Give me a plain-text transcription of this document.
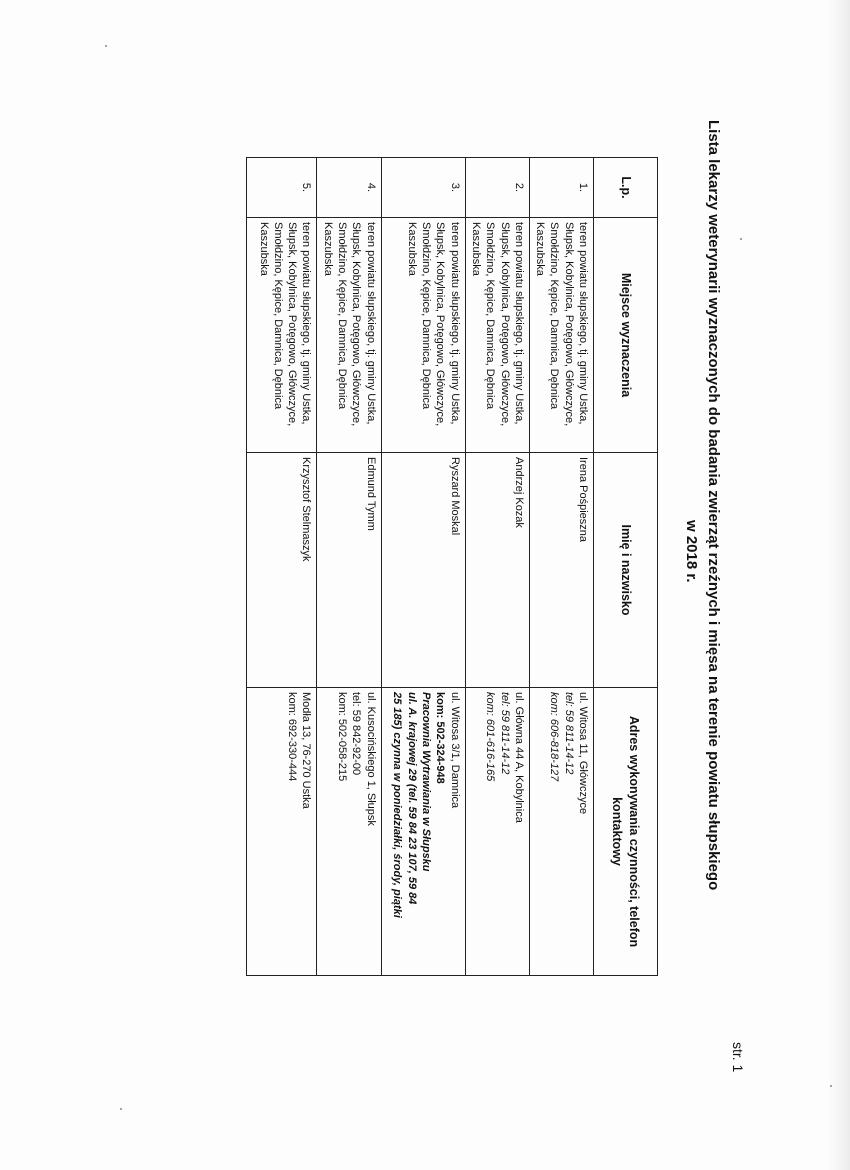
Lista lekarzy weterynarii wyznaczonych do badania zwierząt rzeźnych i mięsa na terenie powiatu słupskiego
w 2018 r.
L.p.	Miejsce wyznaczenia	Imię i nazwisko	Adres wykonywania czynności, telefon kontaktowy
1.	teren powiatu słupskiego, tj. gminy Ustka, Słupsk, Kobylnica, Potęgowo, Główczyce, Smołdzino, Kępice, Damnica, Dębnica Kaszubska	Irena Pośpieszna	ul. Witosa 11, Główczyce
tel: 59 811-14-12
kom: 606-818-127

2.	teren powiatu słupskiego, tj. gminy Ustka, Słupsk, Kobylnica, Potęgowo, Główczyce, Smołdzino, Kępice, Damnica, Dębnica Kaszubska	Andrzej Kozak	ul. Główna 44 A, Kobylnica
tel: 59 811-14-12
kom: 601-616-165

3.	teren powiatu słupskiego, tj. gminy Ustka, Słupsk, Kobylnica, Potęgowo, Główczyce, Smołdzino, Kępice, Damnica, Dębnica Kaszubska	Ryszard Moskal	ul. Witosa 3/1, Damnica
kom: 502-324-948
Pracownia Wytrawiania w Słupsku
ul. A. krajowej 29 (tel. 59 84 23 107, 59 84
25 185) czynna w poniedziałki, środy, piątki

4.	teren powiatu słupskiego, tj. gminy Ustka, Słupsk, Kobylnica, Potęgowo, Główczyce, Smołdzino, Kępice, Damnica, Dębnica Kaszubska	Edmund Tymm	ul. Kusocińskiego 1, Słupsk
tel: 59 842-92-00
kom: 502-058-215

5.	teren powiatu słupskiego, tj. gminy Ustka, Słupsk, Kobylnica, Potęgowo, Główczyce, Smołdzino, Kępice, Damnica, Dębnica Kaszubska	Krzysztof Stelmaszyk	Modła 13, 76-270 Ustka
kom: 692-330-444
str. 1
